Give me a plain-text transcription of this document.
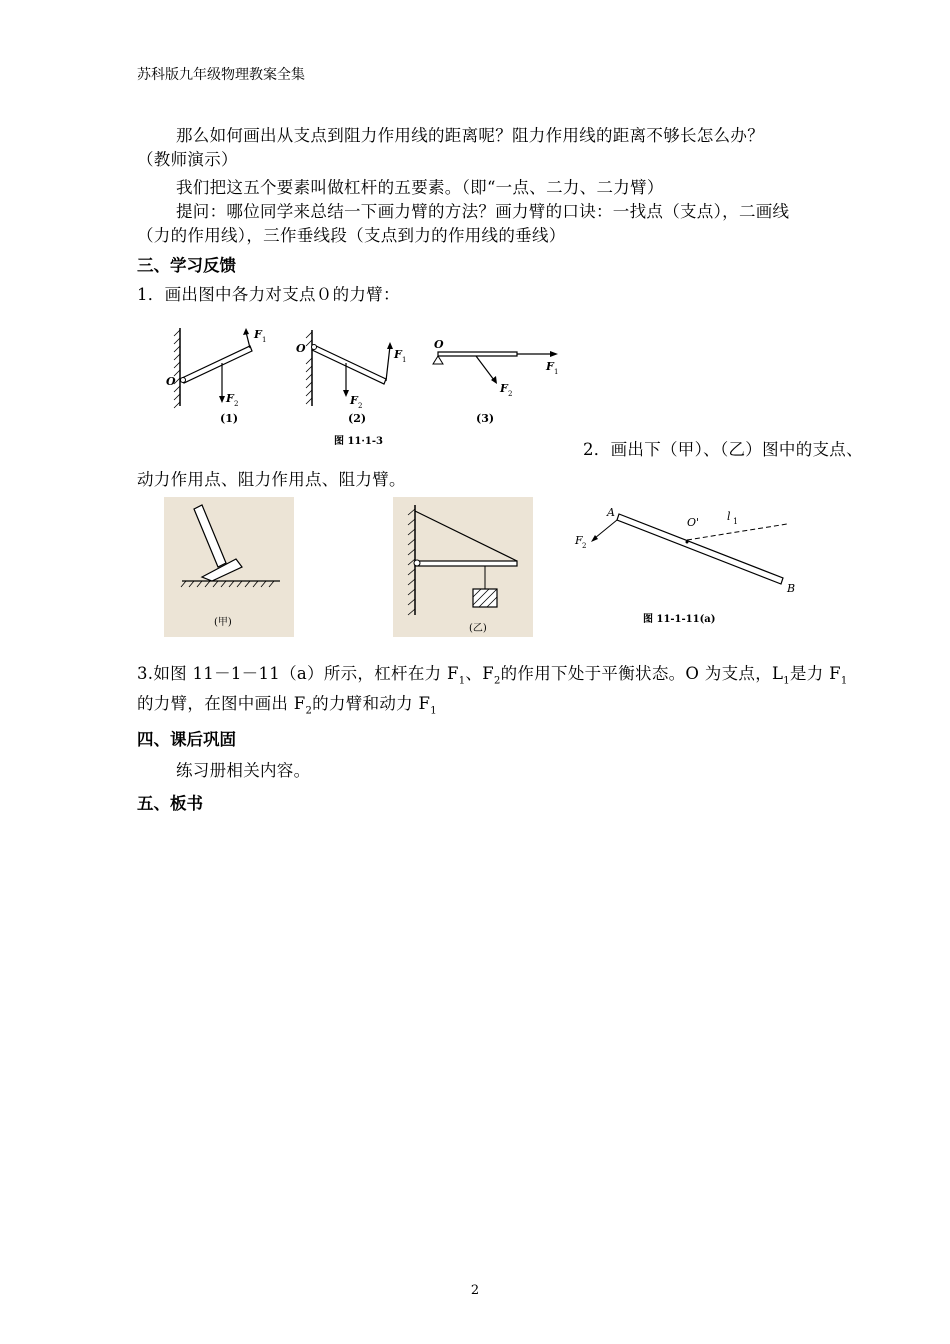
苏科版九年级物理教案全集
那么如何画出从支点到阻力作用线的距离呢？阻力作用线的距离不够长怎么办？
（教师演示）
我们把这五个要素叫做杠杆的五要素。（即“一点、二力、二力臂）
提问：哪位同学来总结一下画力臂的方法？画力臂的口诀：一找点（支点），二画线
（力的作用线），三作垂线段（支点到力的作用线的垂线）
三、学习反馈
1．画出图中各力对支点０的力臂：
F 1
F 2
O
(1)
F 1
F 2
O
(2)
O
F 1
F 2
(3)
图 11·1-3	2．画出下（甲）、（乙）图中的支点、
动力作用点、阻力作用点、阻力臂。
(甲)
(乙)
A
B
O'	l 1
F 2
图 11-1-11(a)
3.如图 11－1－11（a）所示，杠杆在力 $F_1$、$F_2$的作用下处于平衡状态。O 为支点，$L_1$是力 $F_1$
的力臂，在图中画出 $F_2$的力臂和动力 $F_1$
四、课后巩固
练习册相关内容。
五、板书
2
